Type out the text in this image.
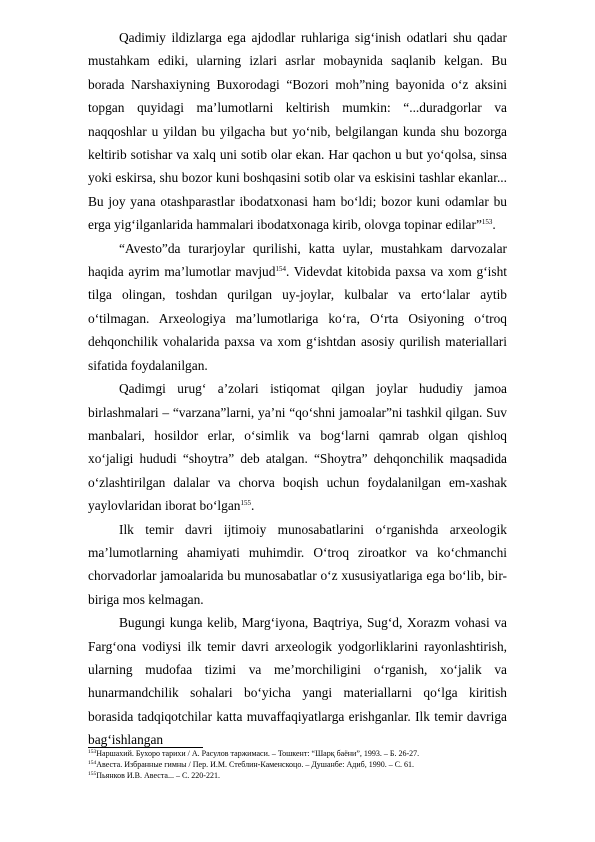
Qadimiy ildizlarga ega ajdodlar ruhlariga sig‘inish odatlari shu qadar mustahkam ediki, ularning izlari asrlar mobaynida saqlanib kelgan. Bu borada Narshaxiyning Buxorodagi “Bozori moh”ning bayonida o‘z aksini topgan quyidagi ma’lumotlarni keltirish mumkin: “...duradgorlar va naqqoshlar u yildan bu yilgacha but yo‘nib, belgilangan kunda shu bozorga keltirib sotishar va xalq uni sotib olar ekan. Har qachon u but yo‘qolsa, sinsa yoki eskirsa, shu bozor kuni boshqasini sotib olar va eskisini tashlar ekanlar... Bu joy yana otashparastlar ibodatxonasi ham bo‘ldi; bozor kuni odamlar bu erga yig‘ilganlarida hammalari ibodatxonaga kirib, olovga topinar edilar”$^{153}$.

“Avesto”da turarjoylar qurilishi, katta uylar, mustahkam darvozalar haqida ayrim ma’lumotlar mavjud$^{154}$. Videvdat kitobida paxsa va xom g‘isht tilga olingan, toshdan qurilgan uy-joylar, kulbalar va erto‘lalar aytib o‘tilmagan. Arxeologiya ma’lumotlariga ko‘ra, O‘rta Osiyoning o‘troq dehqonchilik vohalarida paxsa va xom g‘ishtdan asosiy qurilish materiallari sifatida foydalanilgan.

Qadimgi urug‘ a’zolari istiqomat qilgan joylar hududiy jamoa birlashmalari – “varzana”larni, ya’ni “qo‘shni jamoalar”ni tashkil qilgan. Suv manbalari, hosildor erlar, o‘simlik va bog‘larni qamrab olgan qishloq xo‘jaligi hududi “shoytra” deb atalgan. “Shoytra” dehqonchilik maqsadida o‘zlashtirilgan dalalar va chorva boqish uchun foydalanilgan em-xashak yaylovlaridan iborat bo‘lgan$^{155}$.

Ilk temir davri ijtimoiy munosabatlarini o‘rganishda arxeologik ma’lumotlarning ahamiyati muhimdir. O‘troq ziroatkor va ko‘chmanchi chorvadorlar jamoalarida bu munosabatlar o‘z xususiyatlariga ega bo‘lib, bir-biriga mos kelmagan.

Bugungi kunga kelib, Marg‘iyona, Baqtriya, Sug‘d, Xorazm vohasi va Farg‘ona vodiysi ilk temir davri arxeologik yodgorliklarini rayonlashtirish, ularning mudofaa tizimi va me’morchiligini o‘rganish, xo‘jalik va hunarmandchilik sohalari bo‘yicha yangi materiallarni qo‘lga kiritish borasida tadqiqotchilar katta muvaffaqiyatlarga erishganlar. Ilk temir davriga bag‘ishlangan

$^{153}$Наршахий. Бухоро тарихи / А. Расулов таржимаси. – Тошкент: “Шарқ баёни”, 1993. – Б. 26-27.

$^{154}$Авеста. Избранные гимны / Пер. И.М. Стеблин-Каменскоцо. – Душанбе: Адиб, 1990. – С. 61.

$^{155}$Пьянков И.В. Авеста... – С. 220-221.
